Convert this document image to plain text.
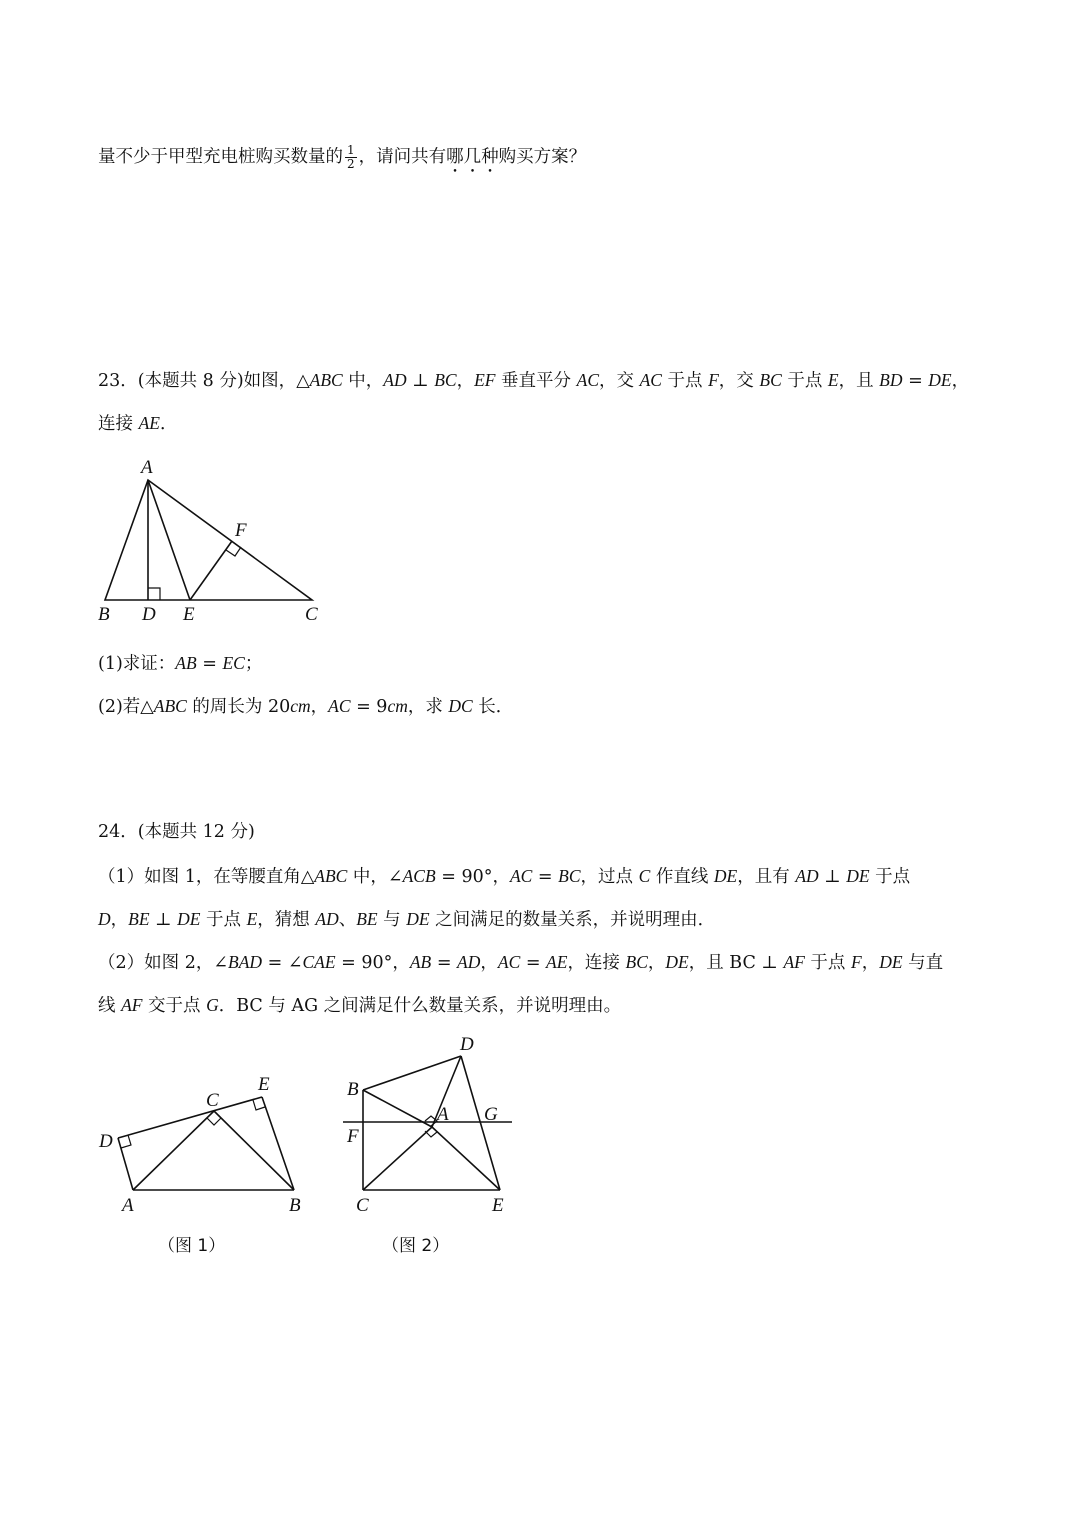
量不少于甲型充电桩购买数量的 $\frac{1}{2}$ ，请问共有哪几种购买方案？
23．(本题共 8 分)如图，△ABC 中，AD ⊥ BC，EF 垂直平分 AC，交 AC 于点 F，交 BC 于点 E，且 BD = DE，
连接 AE．
A
B D E	C
F
D
C
E
A	B
（图 1）
D
B
A G
F
C	E
（图 2）
(1)求证：AB = EC；
(2)若△ABC 的周长为 20cm，AC = 9cm，求 DC 长．
24．(本题共 12 分)
（1）如图 1，在等腰直角△ABC 中，∠ACB = 90°，AC = BC，过点 C 作直线 DE，且有 AD ⊥ DE 于点
D，BE ⊥ DE 于点 E，猜想 AD、BE 与 DE 之间满足的数量关系，并说明理由．
（2）如图 2，∠BAD = ∠CAE = 90°，AB = AD，AC = AE，连接 BC，DE，且 BC ⊥ AF 于点 F，DE 与直
线 AF 交于点 G．BC 与 AG 之间满足什么数量关系，并说明理由。
